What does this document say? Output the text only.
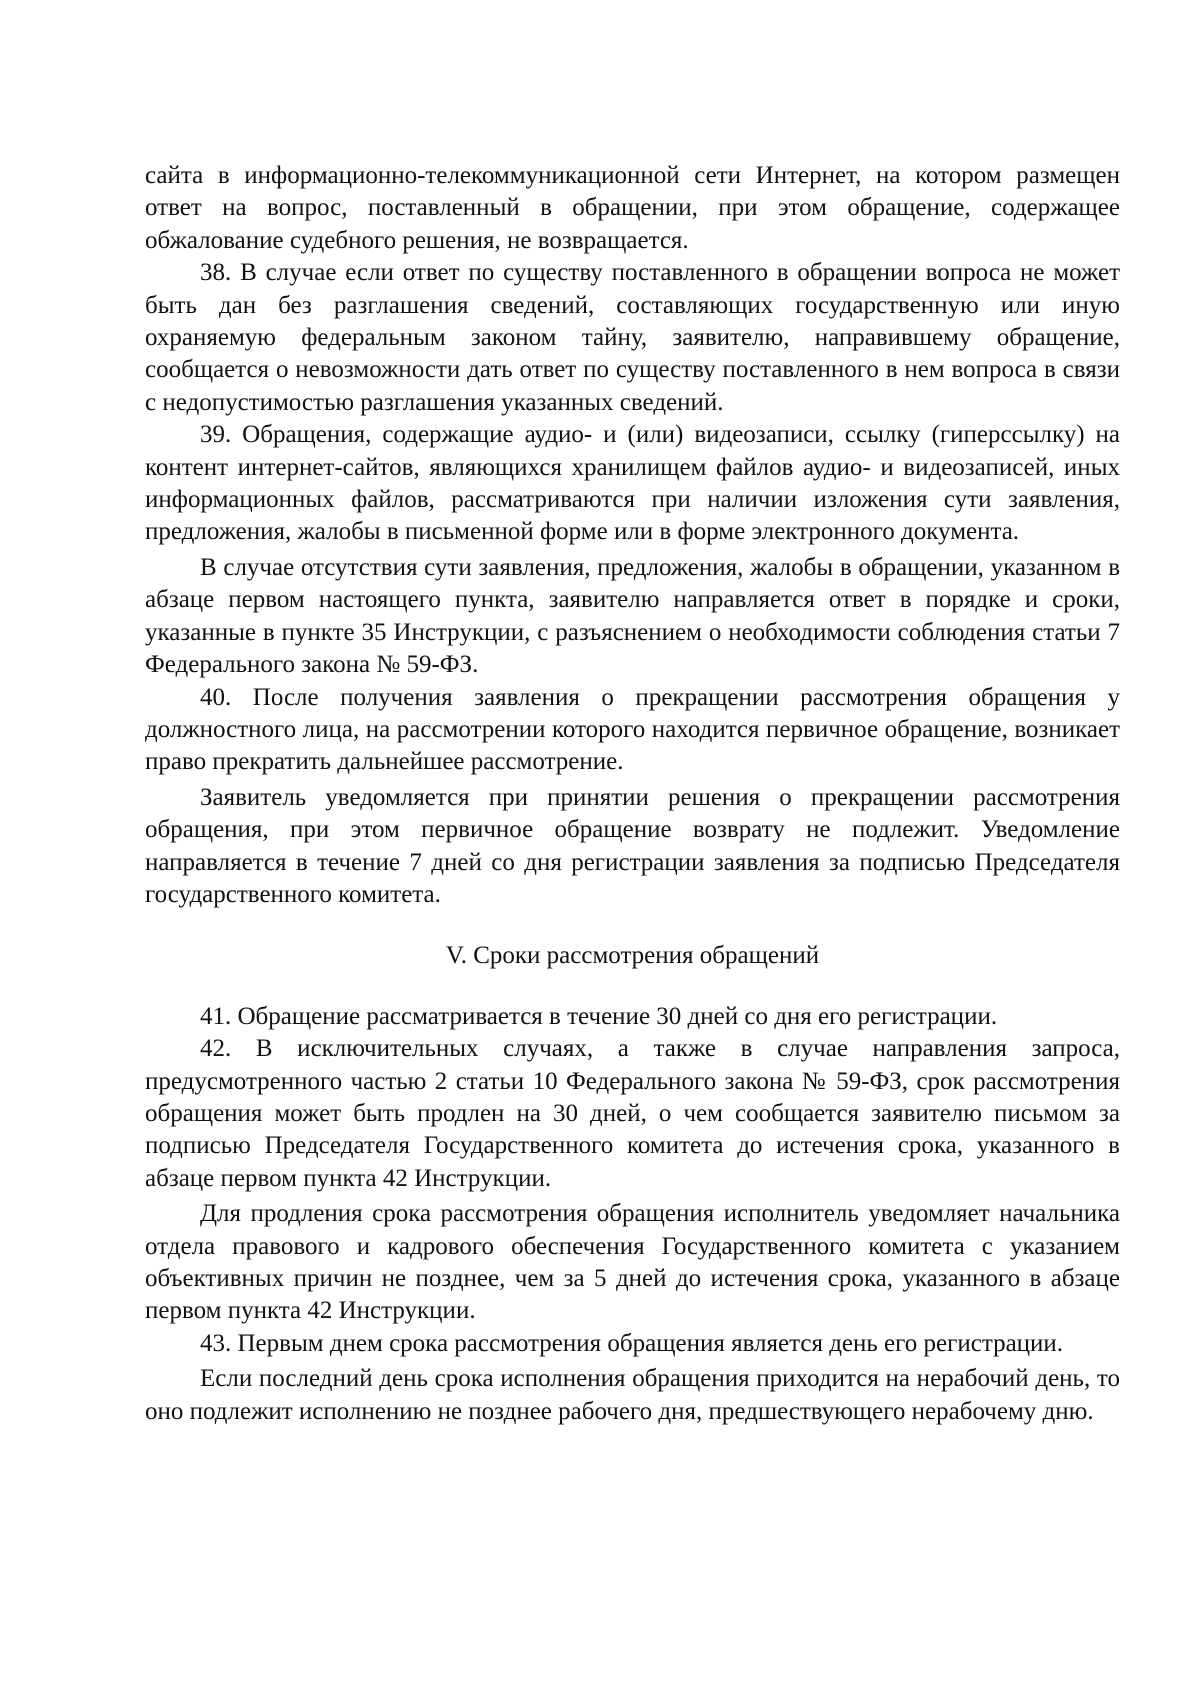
сайта в информационно-телекоммуникационной сети Интернет, на котором размещен ответ на вопрос, поставленный в обращении, при этом обращение, содержащее обжалование судебного решения, не возвращается.

38. В случае если ответ по существу поставленного в обращении вопроса не может быть дан без разглашения сведений, составляющих государственную или иную охраняемую федеральным законом тайну, заявителю, направившему обращение, сообщается о невозможности дать ответ по существу поставленного в нем вопроса в связи с недопустимостью разглашения указанных сведений.

39. Обращения, содержащие аудио- и (или) видеозаписи, ссылку (гиперссылку) на контент интернет-сайтов, являющихся хранилищем файлов аудио- и видеозаписей, иных информационных файлов, рассматриваются при наличии изложения сути заявления, предложения, жалобы в письменной форме или в форме электронного документа.

В случае отсутствия сути заявления, предложения, жалобы в обращении, указанном в абзаце первом настоящего пункта, заявителю направляется ответ в порядке и сроки, указанные в пункте 35 Инструкции, с разъяснением о необходимости соблюдения статьи 7 Федерального закона № 59-ФЗ.

40. После получения заявления о прекращении рассмотрения обращения у должностного лица, на рассмотрении которого находится первичное обращение, возникает право прекратить дальнейшее рассмотрение.

Заявитель уведомляется при принятии решения о прекращении рассмотрения обращения, при этом первичное обращение возврату не подлежит. Уведомление направляется в течение 7 дней со дня регистрации заявления за подписью Председателя государственного комитета.

V. Сроки рассмотрения обращений

41. Обращение рассматривается в течение 30 дней со дня его регистрации.

42. В исключительных случаях, а также в случае направления запроса, предусмотренного частью 2 статьи 10 Федерального закона № 59-ФЗ, срок рассмотрения обращения может быть продлен на 30 дней, о чем сообщается заявителю письмом за подписью Председателя Государственного комитета до истечения срока, указанного в абзаце первом пункта 42 Инструкции.

Для продления срока рассмотрения обращения исполнитель уведомляет начальника отдела правового и кадрового обеспечения Государственного комитета с указанием объективных причин не позднее, чем за 5 дней до истечения срока, указанного в абзаце первом пункта 42 Инструкции.

43. Первым днем срока рассмотрения обращения является день его регистрации.

Если последний день срока исполнения обращения приходится на нерабочий день, то оно подлежит исполнению не позднее рабочего дня, предшествующего нерабочему дню.
